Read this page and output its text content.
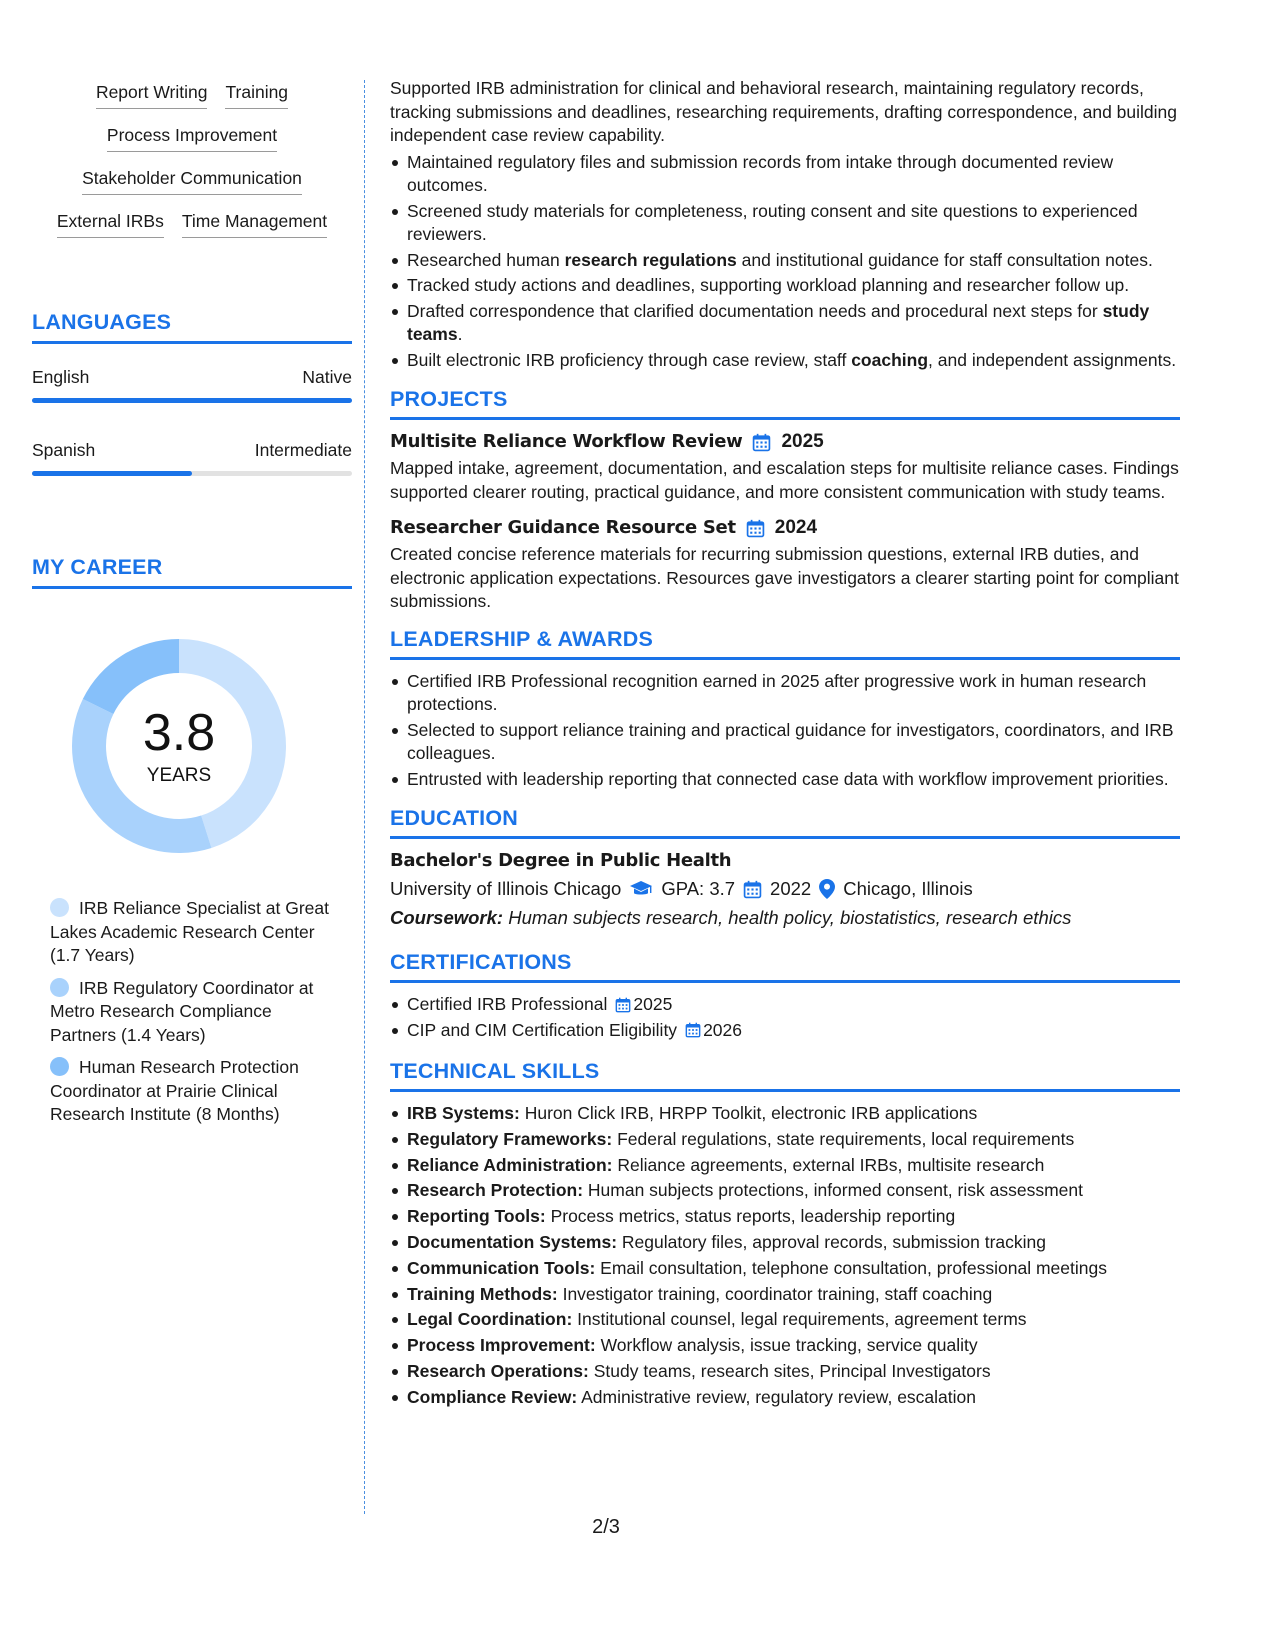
Report Writing Training
Process Improvement
Stakeholder Communication
External IRBs Time Management
LANGUAGES
English	Native
Spanish	Intermediate
MY CAREER
3.8
YEARS
IRB Reliance Specialist at Great Lakes Academic Research Center (1.7 Years)
IRB Regulatory Coordinator at Metro Research Compliance Partners (1.4 Years)
Human Research Protection Coordinator at Prairie Clinical Research Institute (8 Months)
Supported IRB administration for clinical and behavioral research, maintaining regulatory records, tracking submissions and deadlines, researching requirements, drafting correspondence, and building independent case review capability.
Maintained regulatory files and submission records from intake through documented review outcomes.
Screened study materials for completeness, routing consent and site questions to experienced reviewers.
Researched human research regulations and institutional guidance for staff consultation notes.
Tracked study actions and deadlines, supporting workload planning and researcher follow up.
Drafted correspondence that clarified documentation needs and procedural next steps for study teams.
Built electronic IRB proficiency through case review, staff coaching, and independent assignments.
PROJECTS
Multisite Reliance Workflow Review 2025
Mapped intake, agreement, documentation, and escalation steps for multisite reliance cases. Findings supported clearer routing, practical guidance, and more consistent communication with study teams.
Researcher Guidance Resource Set 2024
Created concise reference materials for recurring submission questions, external IRB duties, and electronic application expectations. Resources gave investigators a clearer starting point for compliant submissions.
LEADERSHIP & AWARDS
Certified IRB Professional recognition earned in 2025 after progressive work in human research protections.
Selected to support reliance training and practical guidance for investigators, coordinators, and IRB colleagues.
Entrusted with leadership reporting that connected case data with workflow improvement priorities.
EDUCATION
Bachelor's Degree in Public Health
University of Illinois Chicago GPA: 3.7 2022 Chicago, Illinois
Coursework: Human subjects research, health policy, biostatistics, research ethics
CERTIFICATIONS
Certified IRB Professional 2025
CIP and CIM Certification Eligibility 2026
TECHNICAL SKILLS
IRB Systems: Huron Click IRB, HRPP Toolkit, electronic IRB applications
Regulatory Frameworks: Federal regulations, state requirements, local requirements
Reliance Administration: Reliance agreements, external IRBs, multisite research
Research Protection: Human subjects protections, informed consent, risk assessment
Reporting Tools: Process metrics, status reports, leadership reporting
Documentation Systems: Regulatory files, approval records, submission tracking
Communication Tools: Email consultation, telephone consultation, professional meetings
Training Methods: Investigator training, coordinator training, staff coaching
Legal Coordination: Institutional counsel, legal requirements, agreement terms
Process Improvement: Workflow analysis, issue tracking, service quality
Research Operations: Study teams, research sites, Principal Investigators
Compliance Review: Administrative review, regulatory review, escalation
2/3
